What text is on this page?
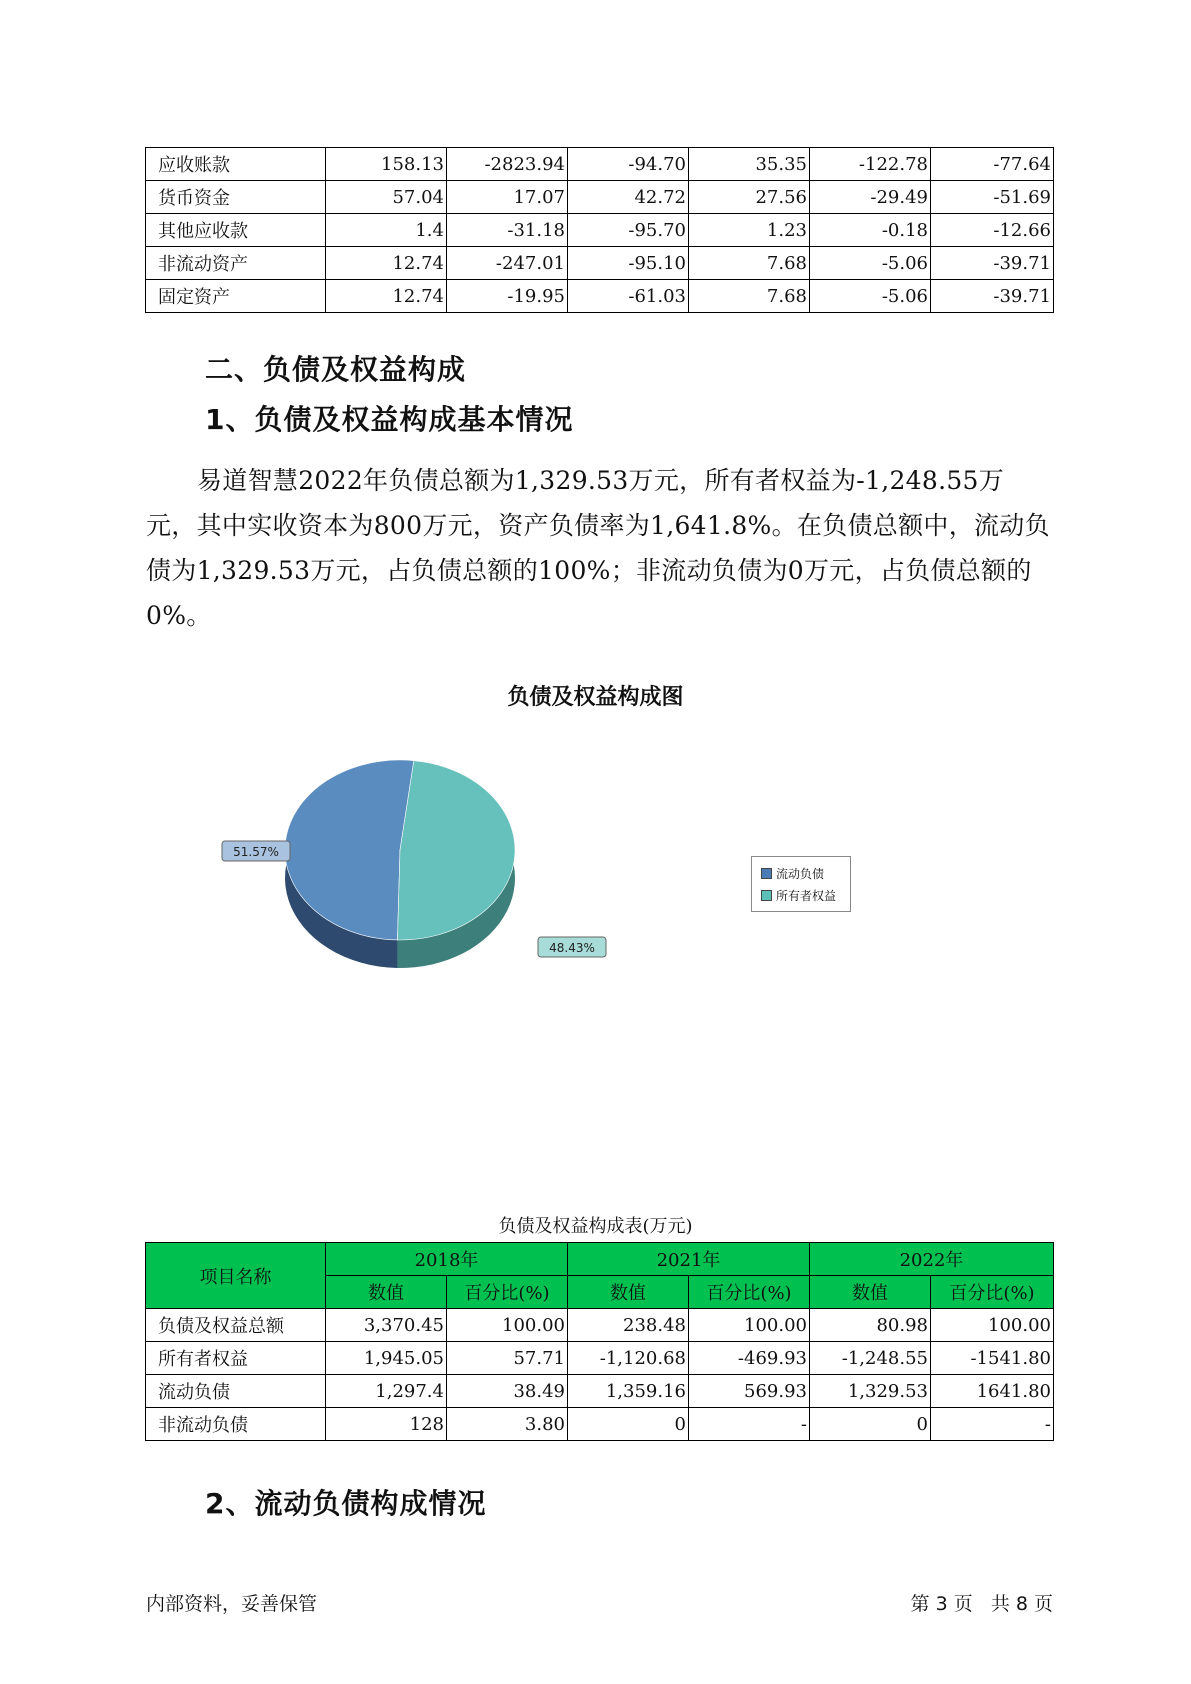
应收账款	158.13	-2823.94	-94.70	35.35	-122.78	-77.64
货币资金	57.04	17.07	42.72	27.56	-29.49	-51.69
其他应收款	1.4	-31.18	-95.70	1.23	-0.18	-12.66
非流动资产	12.74	-247.01	-95.10	7.68	-5.06	-39.71
固定资产	12.74	-19.95	-61.03	7.68	-5.06	-39.71
二、负债及权益构成
1、负债及权益构成基本情况

易道智慧2022年负债总额为1,329.53万元，所有者权益为-1,248.55万元，其中实收资本为800万元，资产负债率为1,641.8%。在负债总额中，流动负债为1,329.53万元，占负债总额的100%；非流动负债为0万元，占负债总额的0%。

负债及权益构成图
51.57%
48.43%
流动负债
所有者权益
负债及权益构成表(万元)
项目名称	2018年		2021年		2022年	
	数值	百分比(%)	数值	百分比(%)	数值	百分比(%)
负债及权益总额	3,370.45	100.00	238.48	100.00	80.98	100.00
所有者权益	1,945.05	57.71	-1,120.68	-469.93	-1,248.55	-1541.80
流动负债	1,297.4	38.49	1,359.16	569.93	1,329.53	1641.80
非流动负债	128	3.80	0	-	0	-
2、流动负债构成情况
内部资料，妥善保管	第 3 页   共 8 页
